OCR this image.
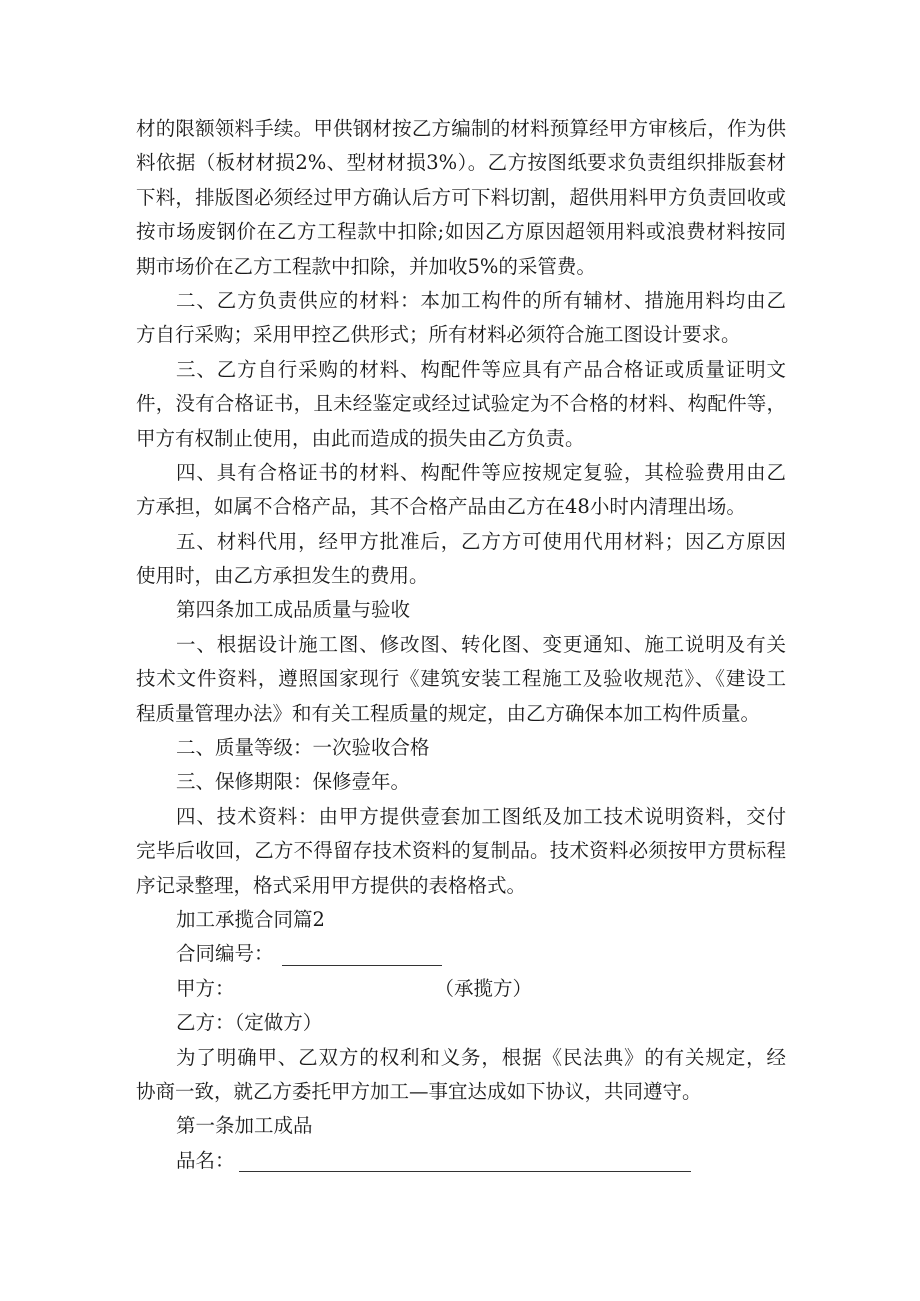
材的限额领料手续。甲供钢材按乙方编制的材料预算经甲方审核后，作为供
料依据（板材材损2%、型材材损3%）。乙方按图纸要求负责组织排版套材
下料，排版图必须经过甲方确认后方可下料切割，超供用料甲方负责回收或
按市场废钢价在乙方工程款中扣除;如因乙方原因超领用料或浪费材料按同
期市场价在乙方工程款中扣除，并加收5%的采管费。
二、乙方负责供应的材料：本加工构件的所有辅材、措施用料均由乙
方自行采购；采用甲控乙供形式；所有材料必须符合施工图设计要求。
三、乙方自行采购的材料、构配件等应具有产品合格证或质量证明文
件，没有合格证书，且未经鉴定或经过试验定为不合格的材料、构配件等，
甲方有权制止使用，由此而造成的损失由乙方负责。
四、具有合格证书的材料、构配件等应按规定复验，其检验费用由乙
方承担，如属不合格产品，其不合格产品由乙方在48小时内清理出场。
五、材料代用，经甲方批准后，乙方方可使用代用材料；因乙方原因
使用时，由乙方承担发生的费用。
第四条加工成品质量与验收
一、根据设计施工图、修改图、转化图、变更通知、施工说明及有关
技术文件资料，遵照国家现行《建筑安装工程施工及验收规范》、《建设工
程质量管理办法》和有关工程质量的规定，由乙方确保本加工构件质量。
二、质量等级：一次验收合格
三、保修期限：保修壹年。
四、技术资料：由甲方提供壹套加工图纸及加工技术说明资料，交付
完毕后收回，乙方不得留存技术资料的复制品。技术资料必须按甲方贯标程
序记录整理，格式采用甲方提供的表格格式。
加工承揽合同篇2
合同编号：
甲方：	（承揽方）
乙方：（定做方）
为了明确甲、乙双方的权利和义务，根据《民法典》的有关规定，经
协商一致，就乙方委托甲方加工—事宜达成如下协议，共同遵守。
第一条加工成品
品名：
